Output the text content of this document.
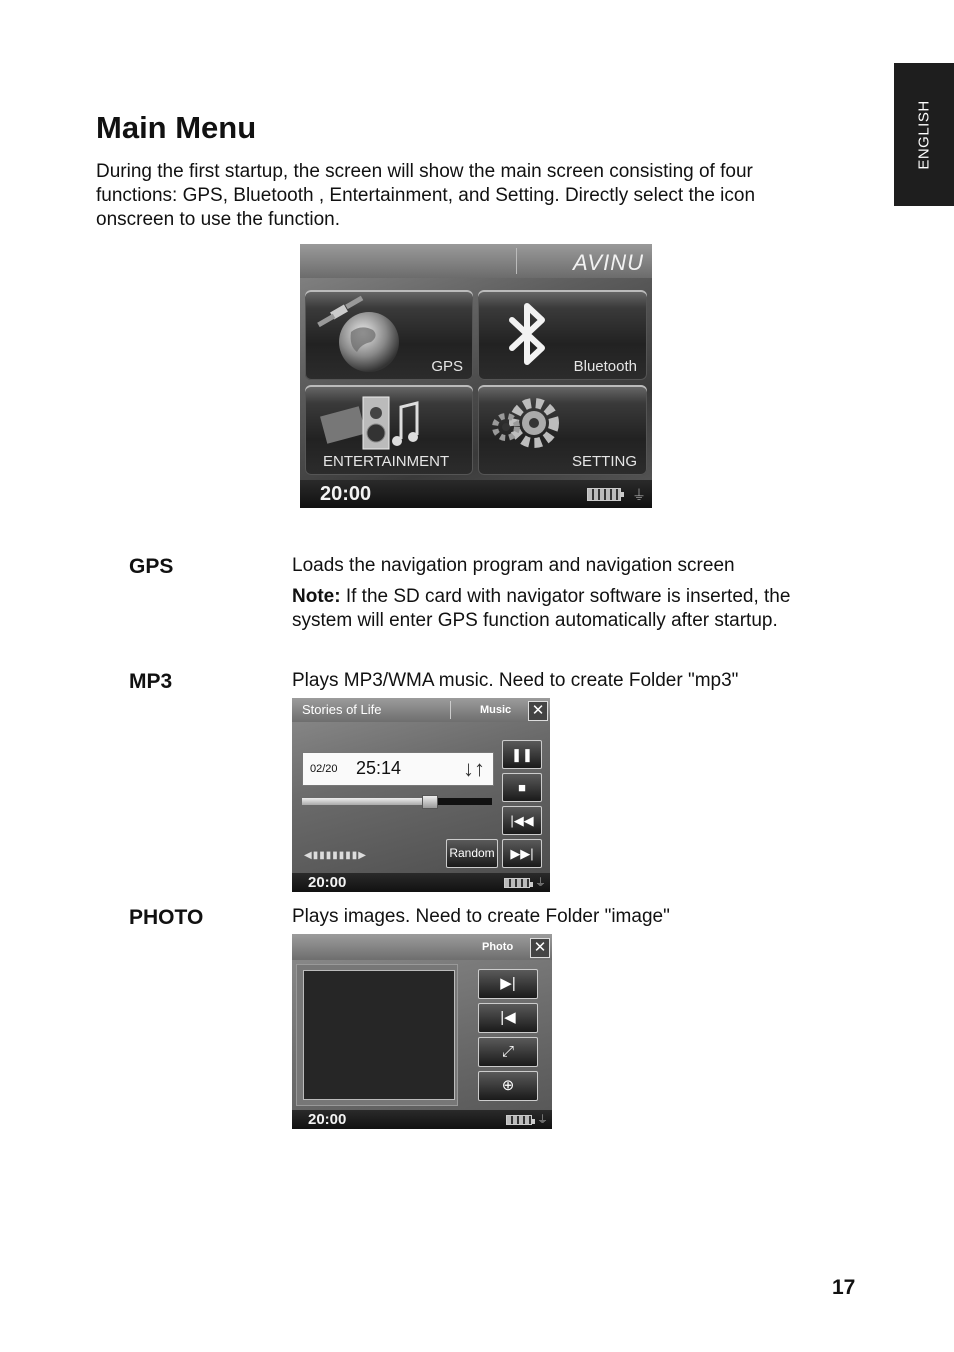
ENGLISH
Main Menu

During the first startup, the screen will show the main screen consisting of four functions: GPS, Bluetooth , Entertainment, and Setting. Directly select the icon onscreen to use the function.

AVINU
GPS	Bluetooth
ENTERTAINMENT	SETTING
20:00	⏚
GPS	Loads the navigation program and navigation screen
Note: If the SD card with navigator software is inserted, the system will enter GPS function automatically after startup.
MP3	Plays MP3/WMA music. Need to create Folder "mp3"
Stories of Life	Music ✕
02/20 25:14	↓↑
❚❚
■
|◀◀
▶▶|
Random
◀▮▮▮▮▮▮▮▶
20:00	⏚
PHOTO	Plays images. Need to create Folder "image"
Photo ✕
▶|
|◀
⤢
⊕
20:00	⏚
17
